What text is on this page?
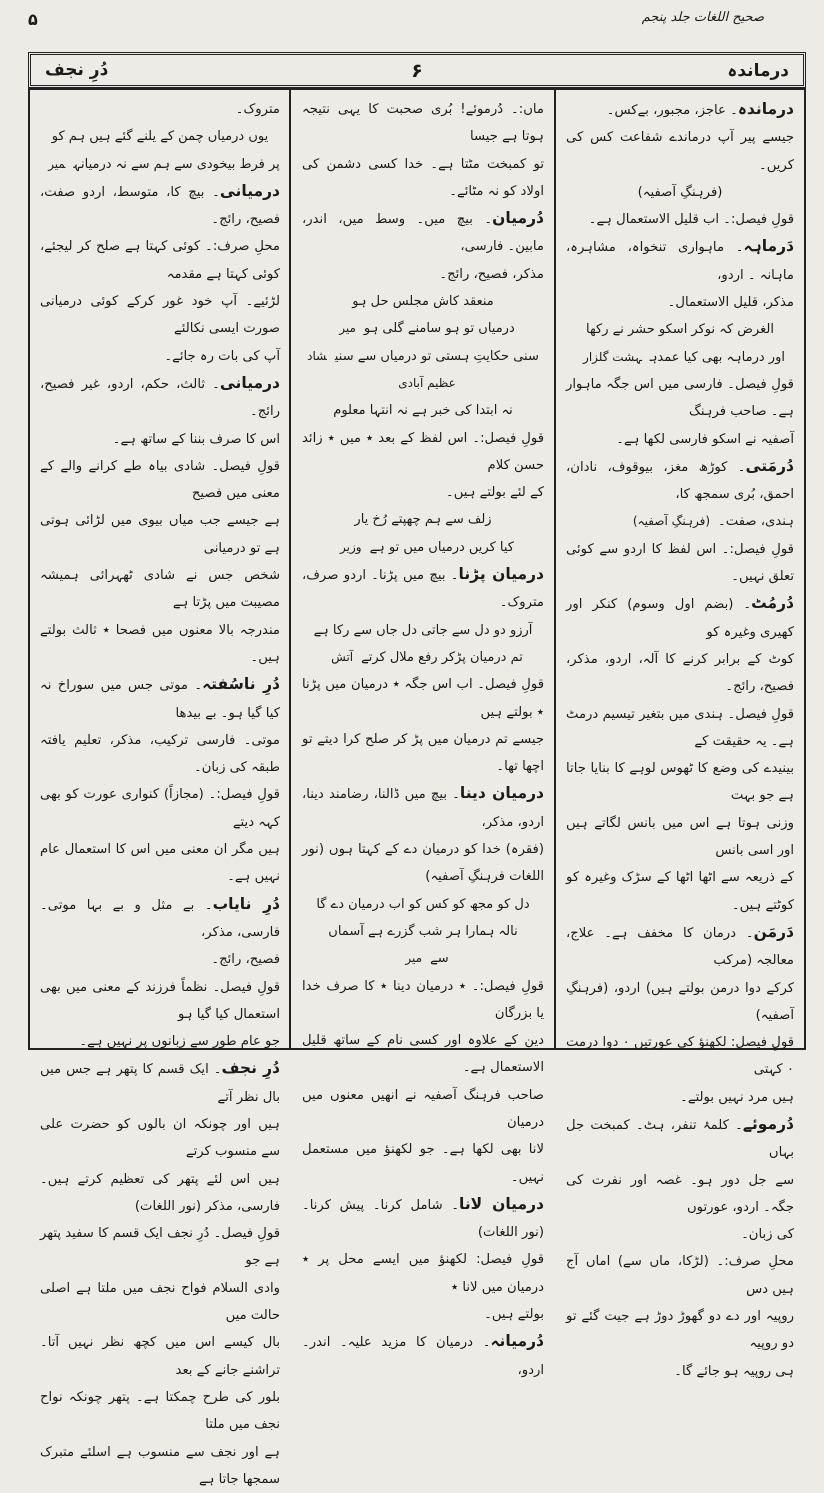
صحیح اللغات جلد پنجم
۵
درماندہ
۶
دُرِ نجف

درماندہ۔ عاجز، مجبور، بےکس۔

جیسے پیر آپ درماندے شفاعت کس کی کریں۔

(فرہنگِ آصفیہ)

قولِ فیصل:۔ اب قلیل الاستعمال ہے۔

دَرماہہ۔ ماہواری تنخواہ، مشاہرہ، ماہانہ ۔ اردو،

مذکر، قلیل الاستعمال۔

الغرض کہ نوکر اسکو حشر نے رکھا

اور درماہہ بھی کیا عمدہہشت گلزار

قولِ فیصل۔ فارسی میں اس جگہ ماہوار ہے۔ صاحب فرہنگ

آصفیہ نے اسکو فارسی لکھا ہے۔

دُرمَتی۔ کوڑھ مغز، بیوقوف، نادان، احمق، بُری سمجھ کا،

ہندی، صفت۔(فرہنگِ آصفیہ)

قولِ فیصل:۔ اس لفظ کا اردو سے کوئی تعلق نہیں۔

دُرمُٹ۔ (بضم اول وسوم) کنکر اور کھیری وغیرہ کو

کوٹ کے برابر کرنے کا آلہ، اردو، مذکر، فصیح، رائج۔

قولِ فیصل۔ ہندی میں بتغیر تیسیم درمٹ ہے۔ یہ حقیقت کے

بینیدے کی وضع کا ٹھوس لوہے کا بنایا جاتا ہے جو بہت

وزنی ہوتا ہے اس میں بانس لگاتے ہیں اور اسی بانس

کے ذریعہ سے اٹھا اٹھا کے سڑک وغیرہ کو کوٹتے ہیں۔

دَرمَن۔ درمان کا مخفف ہے۔ علاج، معالجہ (مرکب

کرکے دوا درمن بولتے ہیں) اردو، (فرہنگِ آصفیہ)

قولِ فیصل: لکھنؤ کی عورتیں ۰ دوا درمت ۰ کہتی

ہیں مرد نہیں بولتے۔

دُرموئے۔ کلمۂ تنفر، ہٹ۔ کمبخت جل بہاں

سے جل دور ہو۔ غصہ اور نفرت کی جگہ۔ اردو، عورتوں

کی زبان۔

محلِ صرف:۔ (لڑکا، ماں سے) اماں آج ہیں دس

روپیہ اور دے دو گھوڑ دوڑ ہے جیت گئے تو دو روپیہ

ہی روپیہ ہو جائے گا۔

ماں:۔ دُرموئے! بُری صحبت کا یہی نتیجہ ہوتا ہے جیسا

تو کمبخت مٹتا ہے۔ خدا کسی دشمن کی اولاد کو نہ مٹائے۔

دُرمیان۔ بیچ میں۔ وسط میں، اندر، مابین۔ فارسی،

مذکر، فصیح، رائج۔

منعقد کاش مجلس حل ہو

درمیاں تو ہو سامنے گلی ہومیر

سنی حکایتِ ہستی تو درمیاں سے سنیشاد عظیم آبادی

نہ ابتدا کی خبر ہے نہ انتہا معلوم

قولِ فیصل:۔ اس لفظ کے بعد ٭ میں ٭ زائد حسن کلام

کے لئے بولتے ہیں۔

زلف سے ہم چھپتے رُخ یار

کیا کریں درمیاں میں تو ہےوزیر

درمیان پڑنا۔ بیچ میں پڑنا۔ اردو صرف، متروک۔

آرزو دو دل سے جاتی دل جاں سے رکا ہے

تم درمیان پڑکر رفع ملال کرتےآتش

قولِ فیصل۔ اب اس جگہ ٭ درمیان میں پڑنا ٭ بولتے ہیں

جیسے تم درمیان میں پڑ کر صلح کرا دیتے تو اچھا تھا۔

درمیان دینا۔ بیچ میں ڈالنا، رضامند دینا، اردو، مذکر،

(فقرہ) خدا کو درمیان دے کے کہتا ہوں (نور اللغات فرہنگِ آصفیہ)

دل کو مجھ کو کس کو اب درمیان دے گا

نالہ ہمارا ہر شب گزرے ہے آسماں سےمیر

قولِ فیصل:۔ ٭ درمیان دینا ٭ کا صرف خدا یا بزرگان

دین کے علاوہ اور کسی نام کے ساتھ قلیل الاستعمال ہے۔

صاحب فرہنگ آصفیہ نے انھیں معنوں میں درمیان

لانا بھی لکھا ہے۔ جو لکھنؤ میں مستعمل نہیں۔

درمیان لانا۔ شامل کرنا۔ پیش کرنا۔ (نور اللغات)

قولِ فیصل: لکھنؤ میں ایسے محل پر ٭ درمیان میں لانا ٭

بولتے ہیں۔

دُرمیانہ۔ درمیان کا مزید علیہ۔ اندر۔ اردو،

متروک۔

یوں درمیاں چمن کے یلنے گئے ہیں ہم کو

پر فرط بیخودی سے ہم سے نہ درمیانہمیر

درمیانی۔ بیچ کا، متوسط، اردو صفت، فصیح، رائج۔

محلِ صرف:۔ کوئی کہتا ہے صلح کر لیجئے، کوئی کہتا ہے مقدمہ

لڑئیے۔ آپ خود غور کرکے کوئی درمیانی صورت ایسی نکالئے

آپ کی بات رہ جائے۔

درمیانی۔ ثالث، حکم، اردو، غیر فصیح، رائج۔

اس کا صرف بننا کے ساتھ ہے۔

قولِ فیصل۔ شادی بیاہ طے کرانے والے کے معنی میں فصیح

ہے جیسے جب میاں بیوی میں لڑائی ہوتی ہے تو درمیانی

شخص جس نے شادی ٹھہرائی ہمیشہ مصیبت میں پڑتا ہے

مندرجہ بالا معنوں میں فصحا ٭ ثالث بولتے ہیں۔

دُرِ ناسُفتہ۔ موتی جس میں سوراخ نہ کیا گیا ہو۔ بے بیدھا

موتی۔ فارسی ترکیب، مذکر، تعلیم یافتہ طبقہ کی زبان۔

قولِ فیصل:۔ (مجازاً) کنواری عورت کو بھی کہہ دیتے

ہیں مگر ان معنی میں اس کا استعمال عام نہیں ہے۔

دُرِ نایاب۔ بے مثل و بے بہا موتی۔ فارسی، مذکر،

فصیح، رائج۔

قولِ فیصل۔ نظماً فرزند کے معنی میں بھی استعمال کیا گیا ہو

جو عام طور سے زبانوں پر نہیں ہے۔

دُرِ نجف۔ ایک قسم کا پتھر ہے جس میں بال نظر آتے

ہیں اور چونکہ ان بالوں کو حضرت علی سے منسوب کرتے

ہیں اس لئے پتھر کی تعظیم کرتے ہیں۔ فارسی، مذکر (نور اللغات)

قولِ فیصل۔ دُرِ نجف ایک قسم کا سفید پتھر ہے جو

وادی السلام فواح نجف میں ملتا ہے اصلی حالت میں

بال کیسے اس میں کچھ نظر نہیں آتا۔ تراشنے جانے کے بعد

بلور کی طرح چمکتا ہے۔ پتھر چونکہ نواح نجف میں ملتا

ہے اور نجف سے منسوب ہے اسلئے متبرک سمجھا جاتا ہے
